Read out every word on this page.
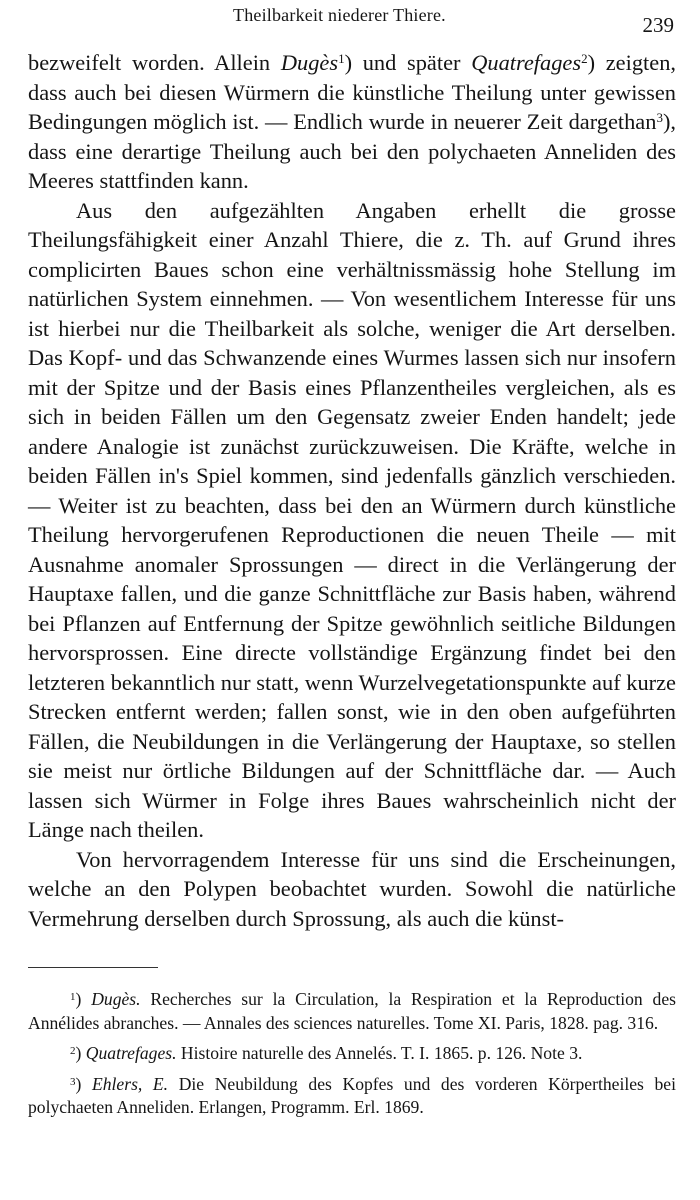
Theilbarkeit niederer Thiere.	239

bezweifelt worden. Allein Dugès$^1$) und später Quatrefages$^2$) zeigten, dass auch bei diesen Würmern die künstliche Theilung unter gewissen Bedingungen möglich ist. — Endlich wurde in neuerer Zeit dargethan$^3$), dass eine derartige Theilung auch bei den polychaeten Anneliden des Meeres stattfinden kann.

Aus den aufgezählten Angaben erhellt die grosse Theilungsfähigkeit einer Anzahl Thiere, die z. Th. auf Grund ihres complicirten Baues schon eine verhältnissmässig hohe Stellung im natürlichen System einnehmen. — Von wesentlichem Interesse für uns ist hierbei nur die Theilbarkeit als solche, weniger die Art derselben. Das Kopf- und das Schwanzende eines Wurmes lassen sich nur insofern mit der Spitze und der Basis eines Pflanzentheiles vergleichen, als es sich in beiden Fällen um den Gegensatz zweier Enden handelt; jede andere Analogie ist zunächst zurückzuweisen. Die Kräfte, welche in beiden Fällen in's Spiel kommen, sind jedenfalls gänzlich verschieden. — Weiter ist zu beachten, dass bei den an Würmern durch künstliche Theilung hervorgerufenen Reproductionen die neuen Theile — mit Ausnahme anomaler Sprossungen — direct in die Verlängerung der Hauptaxe fallen, und die ganze Schnittfläche zur Basis haben, während bei Pflanzen auf Entfernung der Spitze gewöhnlich seitliche Bildungen hervorsprossen. Eine directe vollständige Ergänzung findet bei den letzteren bekanntlich nur statt, wenn Wurzelvegetationspunkte auf kurze Strecken entfernt werden; fallen sonst, wie in den oben aufgeführten Fällen, die Neubildungen in die Verlängerung der Hauptaxe, so stellen sie meist nur örtliche Bildungen auf der Schnittfläche dar. — Auch lassen sich Würmer in Folge ihres Baues wahrscheinlich nicht der Länge nach theilen.

Von hervorragendem Interesse für uns sind die Erscheinungen, welche an den Polypen beobachtet wurden. Sowohl die natürliche Vermehrung derselben durch Sprossung, als auch die künst-

$^1$) Dugès. Recherches sur la Circulation, la Respiration et la Reproduction des Annélides abranches. — Annales des sciences naturelles. Tome XI. Paris, 1828. pag. 316.

$^2$) Quatrefages. Histoire naturelle des Annelés. T. I. 1865. p. 126. Note 3.

$^3$) Ehlers, E. Die Neubildung des Kopfes und des vorderen Körpertheiles bei polychaeten Anneliden. Erlangen, Programm. Erl. 1869.
